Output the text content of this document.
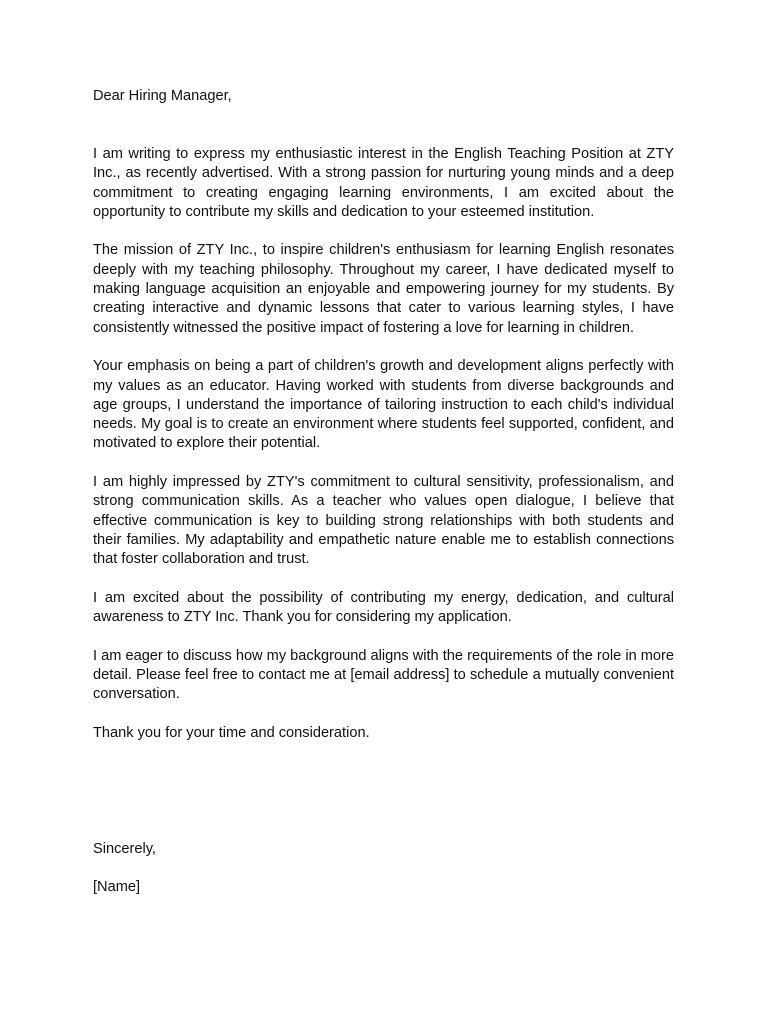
Dear Hiring Manager,

I am writing to express my enthusiastic interest in the English Teaching Position at ZTY Inc., as recently advertised. With a strong passion for nurturing young minds and a deep commitment to creating engaging learning environments, I am excited about the opportunity to contribute my skills and dedication to your esteemed institution.

The mission of ZTY Inc., to inspire children's enthusiasm for learning English resonates deeply with my teaching philosophy. Throughout my career, I have dedicated myself to making language acquisition an enjoyable and empowering journey for my students. By creating interactive and dynamic lessons that cater to various learning styles, I have consistently witnessed the positive impact of fostering a love for learning in children.

Your emphasis on being a part of children's growth and development aligns perfectly with my values as an educator. Having worked with students from diverse backgrounds and age groups, I understand the importance of tailoring instruction to each child's individual needs. My goal is to create an environment where students feel supported, confident, and motivated to explore their potential.

I am highly impressed by ZTY's commitment to cultural sensitivity, professionalism, and strong communication skills. As a teacher who values open dialogue, I believe that effective communication is key to building strong relationships with both students and their families. My adaptability and empathetic nature enable me to establish connections that foster collaboration and trust.

I am excited about the possibility of contributing my energy, dedication, and cultural awareness to ZTY Inc. Thank you for considering my application.

I am eager to discuss how my background aligns with the requirements of the role in more detail. Please feel free to contact me at [email address] to schedule a mutually convenient conversation.

Thank you for your time and consideration.

Sincerely,

[Name]
